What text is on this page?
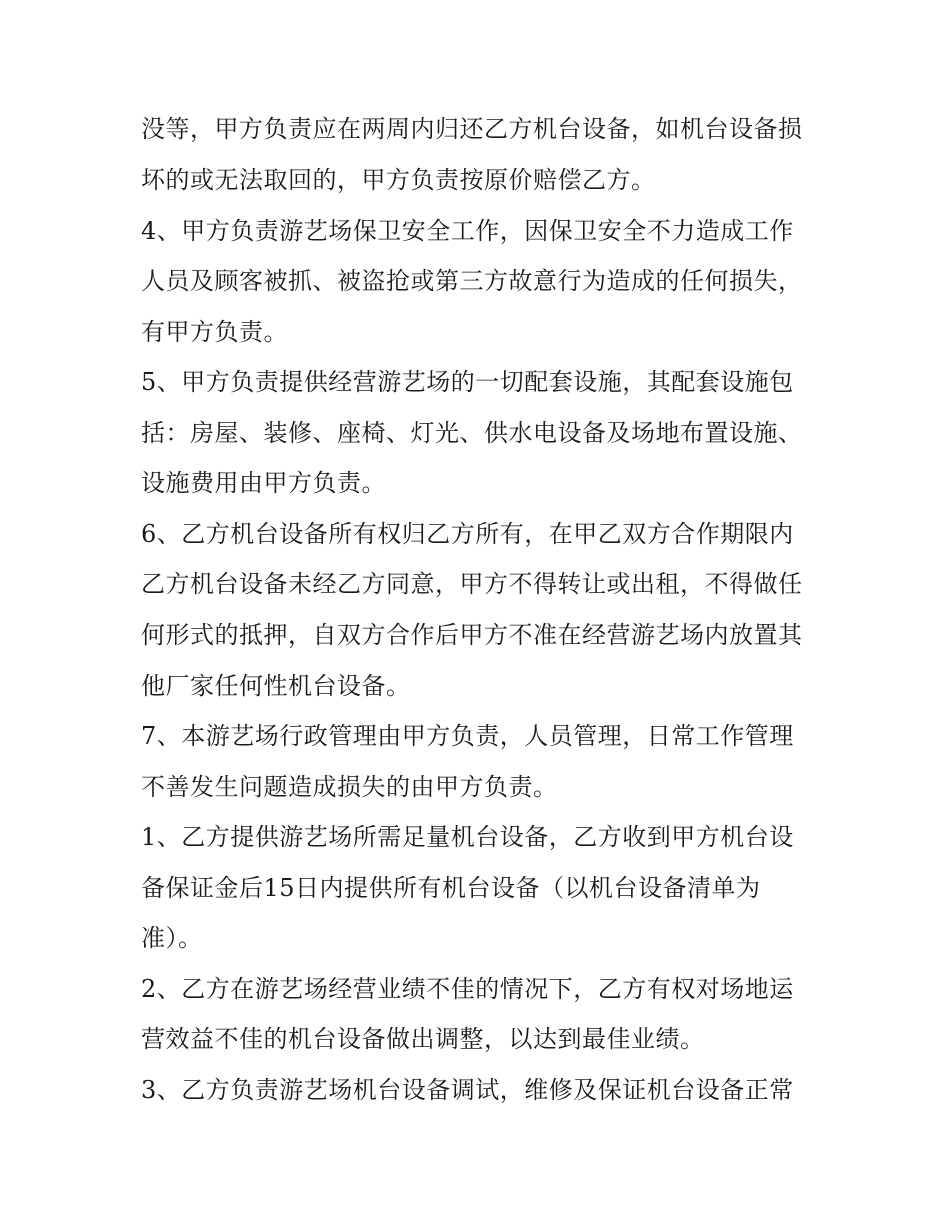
没等，甲方负责应在两周内归还乙方机台设备，如机台设备损
坏的或无法取回的，甲方负责按原价赔偿乙方。
4、甲方负责游艺场保卫安全工作，因保卫安全不力造成工作
人员及顾客被抓、被盗抢或第三方故意行为造成的任何损失，
有甲方负责。
5、甲方负责提供经营游艺场的一切配套设施，其配套设施包
括：房屋、装修、座椅、灯光、供水电设备及场地布置设施、
设施费用由甲方负责。
6、乙方机台设备所有权归乙方所有，在甲乙双方合作期限内
乙方机台设备未经乙方同意，甲方不得转让或出租，不得做任
何形式的抵押，自双方合作后甲方不准在经营游艺场内放置其
他厂家任何性机台设备。
7、本游艺场行政管理由甲方负责，人员管理，日常工作管理
不善发生问题造成损失的由甲方负责。
1、乙方提供游艺场所需足量机台设备，乙方收到甲方机台设
备保证金后15日内提供所有机台设备（以机台设备清单为
准）。
2、乙方在游艺场经营业绩不佳的情况下，乙方有权对场地运
营效益不佳的机台设备做出调整，以达到最佳业绩。
3、乙方负责游艺场机台设备调试，维修及保证机台设备正常
